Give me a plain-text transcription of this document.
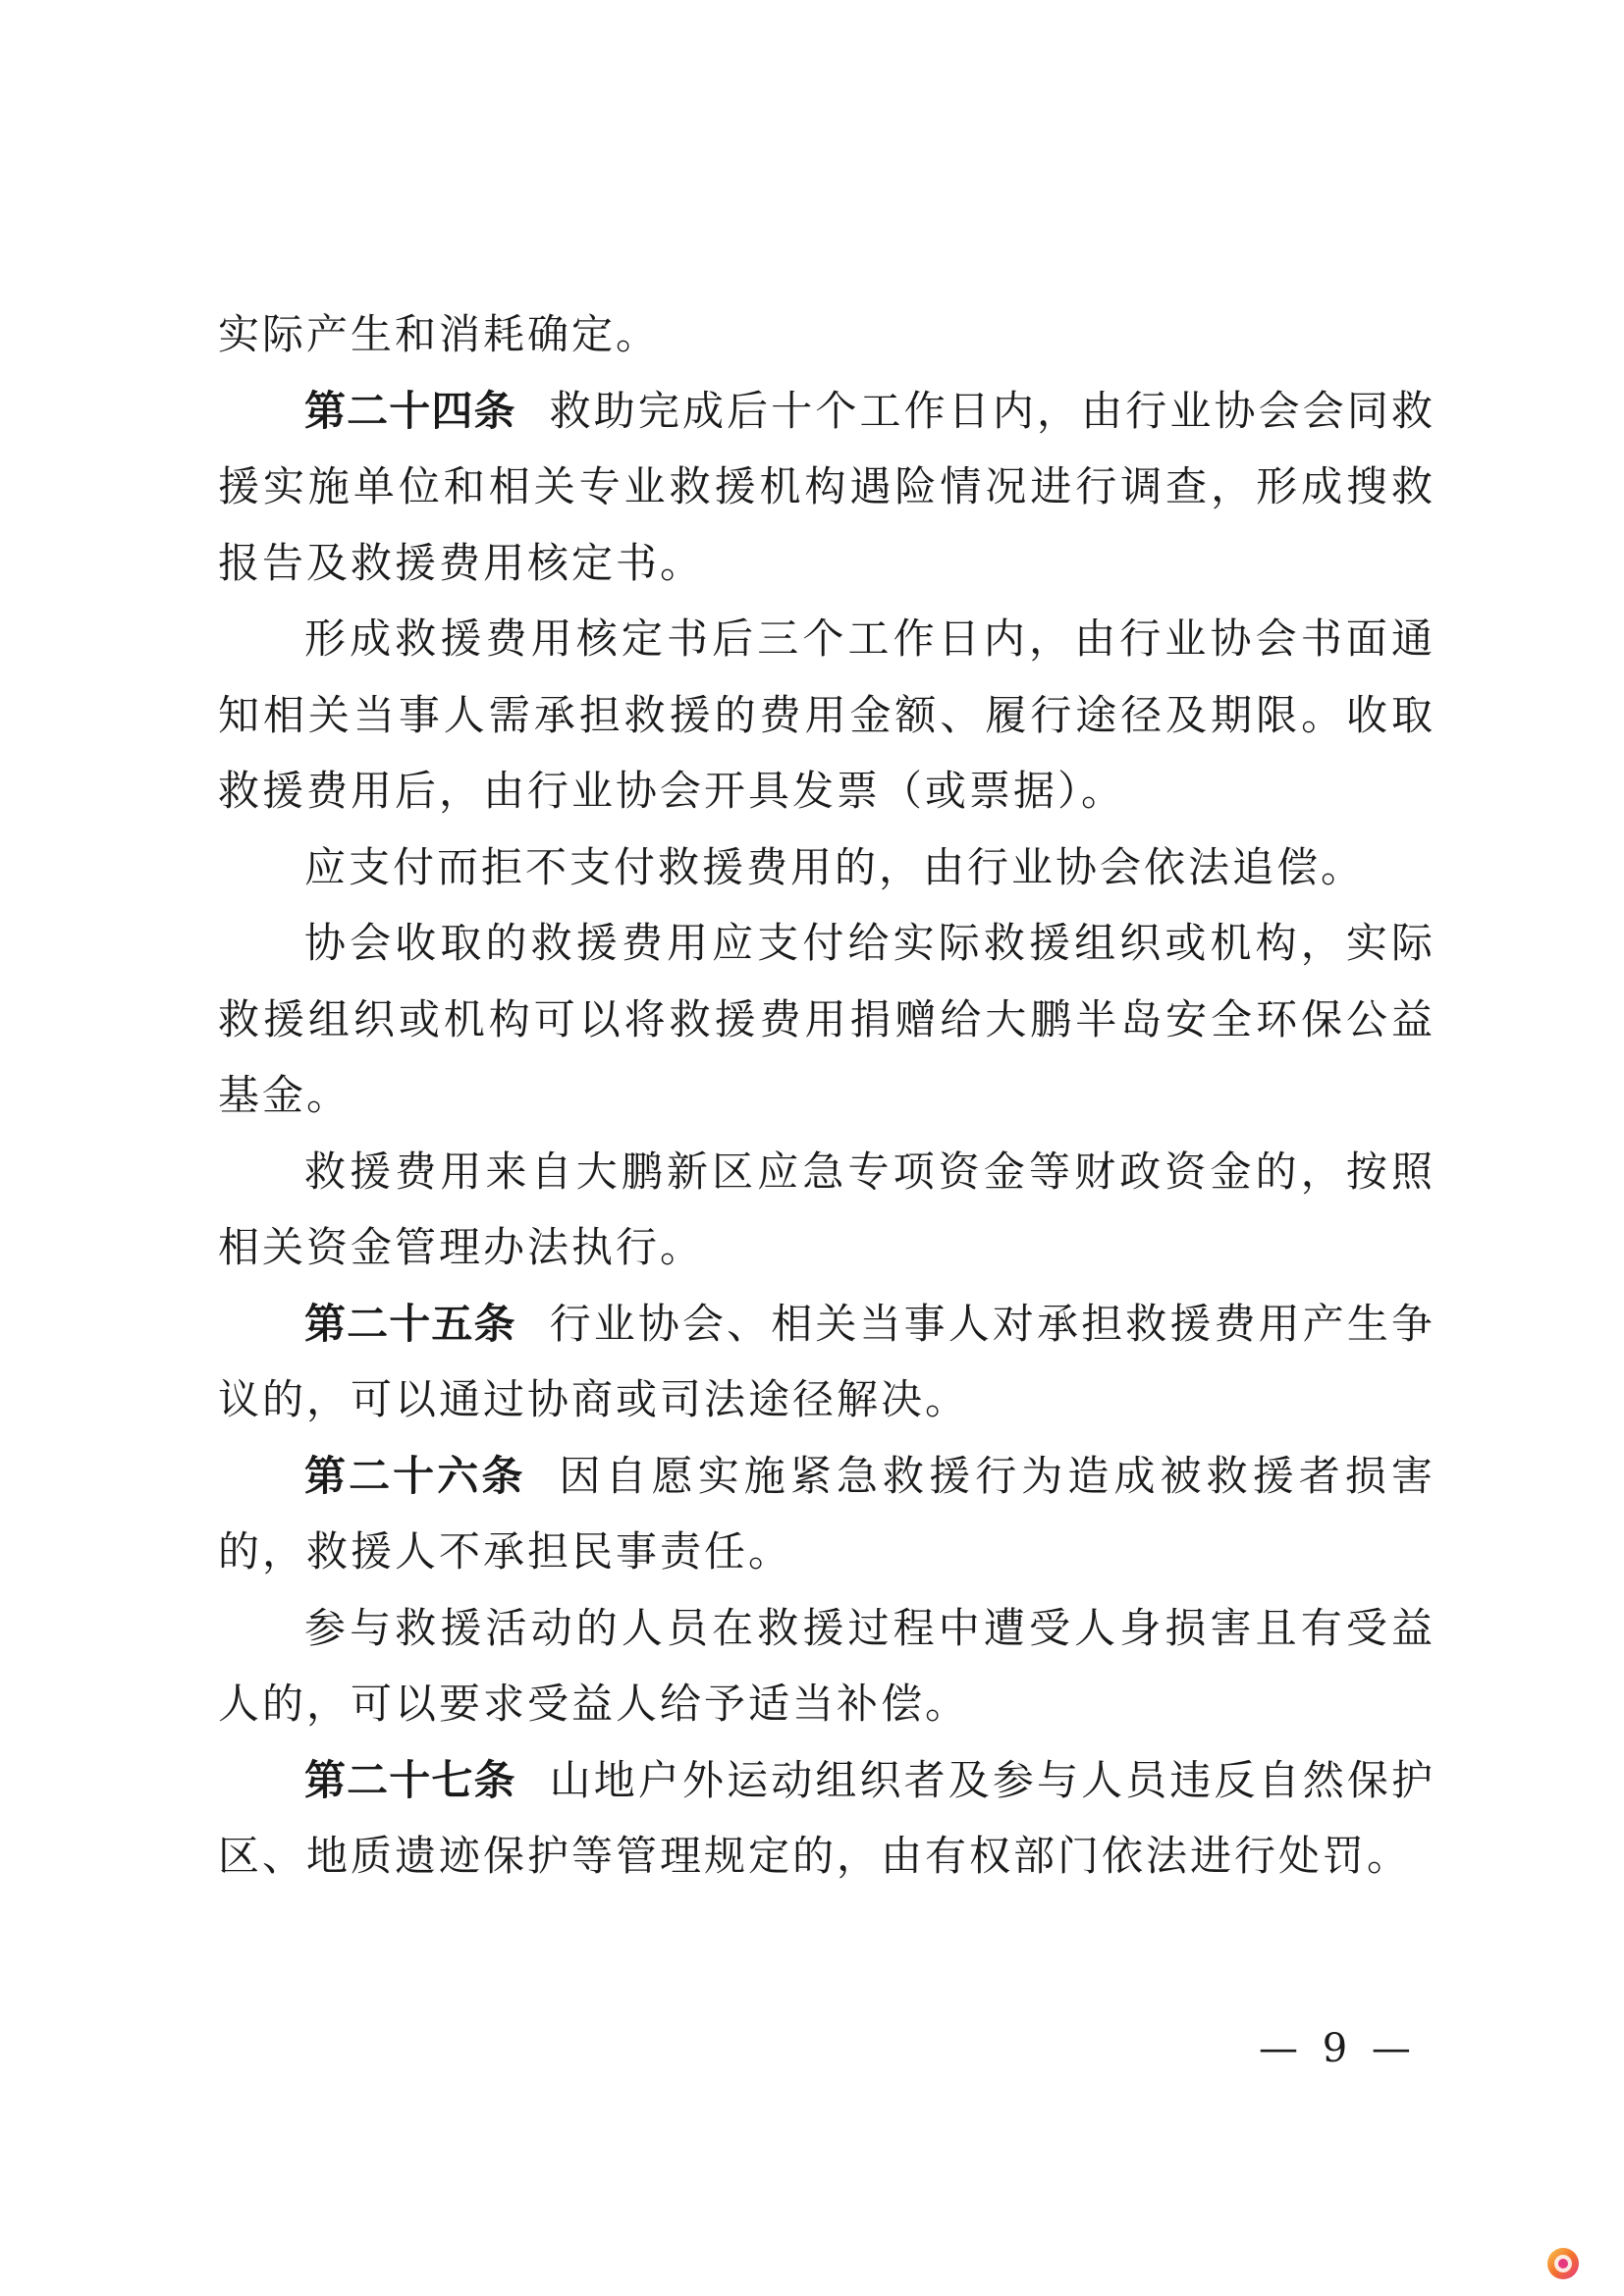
实际产生和消耗确定。

第二十四条 救助完成后十个工作日内，由行业协会会同救援实施单位和相关专业救援机构遇险情况进行调查，形成搜救报告及救援费用核定书。

形成救援费用核定书后三个工作日内，由行业协会书面通知相关当事人需承担救援的费用金额、履行途径及期限。收取救援费用后，由行业协会开具发票（或票据）。

应支付而拒不支付救援费用的，由行业协会依法追偿。

协会收取的救援费用应支付给实际救援组织或机构，实际救援组织或机构可以将救援费用捐赠给大鹏半岛安全环保公益基金。

救援费用来自大鹏新区应急专项资金等财政资金的，按照相关资金管理办法执行。

第二十五条 行业协会、相关当事人对承担救援费用产生争议的，可以通过协商或司法途径解决。

第二十六条 因自愿实施紧急救援行为造成被救援者损害的，救援人不承担民事责任。

参与救援活动的人员在救援过程中遭受人身损害且有受益人的，可以要求受益人给予适当补偿。

第二十七条 山地户外运动组织者及参与人员违反自然保护区、地质遗迹保护等管理规定的，由有权部门依法进行处罚。

— 9 —
